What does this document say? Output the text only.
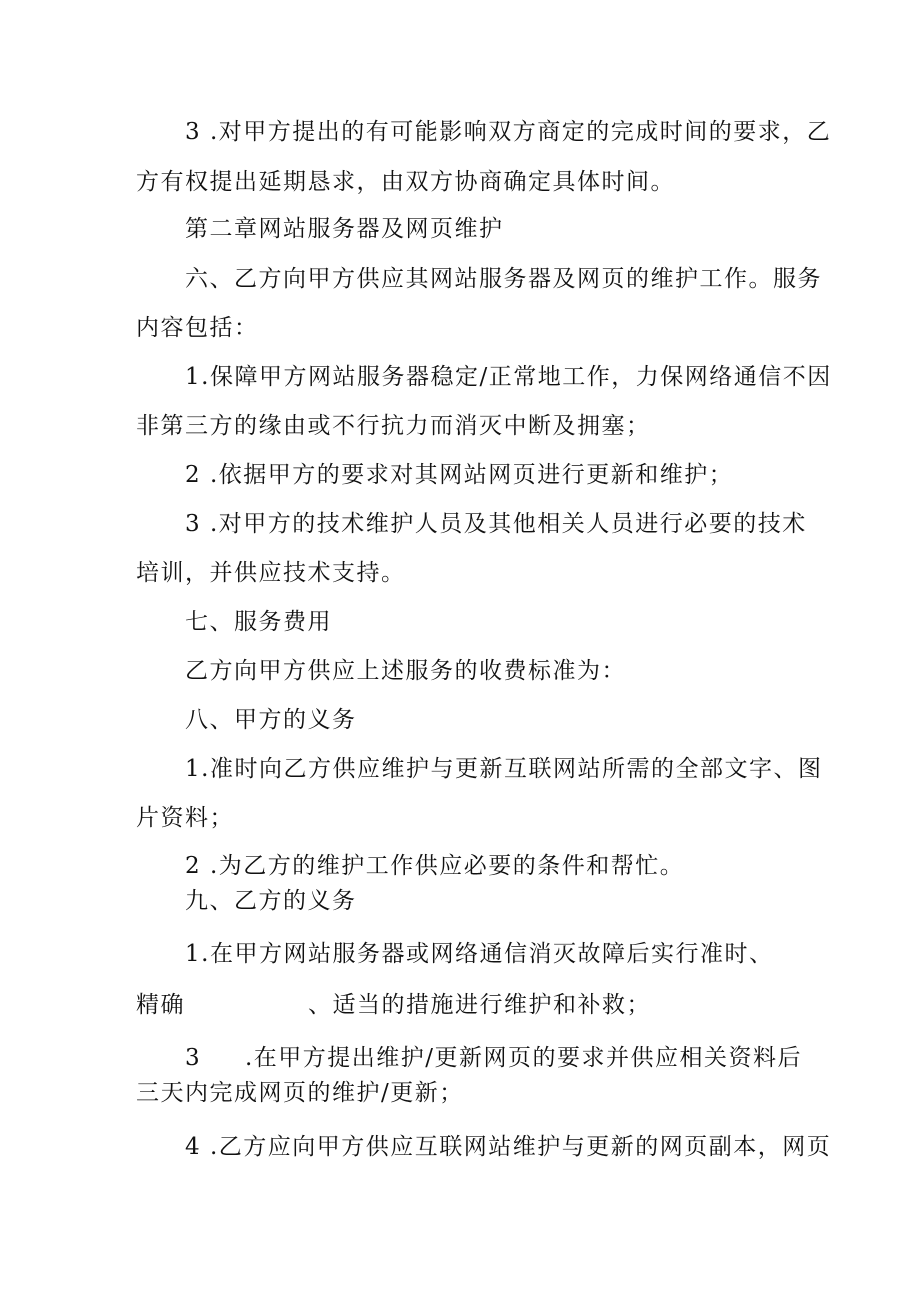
3 .对甲方提出的有可能影响双方商定的完成时间的要求，乙
方有权提出延期恳求，由双方协商确定具体时间。
第二章网站服务器及网页维护
六、乙方向甲方供应其网站服务器及网页的维护工作。服务
内容包括：
1.保障甲方网站服务器稳定/正常地工作，力保网络通信不因
非第三方的缘由或不行抗力而消灭中断及拥塞；
2 .依据甲方的要求对其网站网页进行更新和维护；
3 .对甲方的技术维护人员及其他相关人员进行必要的技术
培训，并供应技术支持。
七、服务费用
乙方向甲方供应上述服务的收费标准为：
八、甲方的义务
1.准时向乙方供应维护与更新互联网站所需的全部文字、图
片资料；
2 .为乙方的维护工作供应必要的条件和帮忙。
九、乙方的义务
1.在甲方网站服务器或网络通信消灭故障后实行准时、
精确	、适当的措施进行维护和补救；
3 .在甲方提出维护/更新网页的要求并供应相关资料后
三天内完成网页的维护/更新；
4 .乙方应向甲方供应互联网站维护与更新的网页副本，网页
